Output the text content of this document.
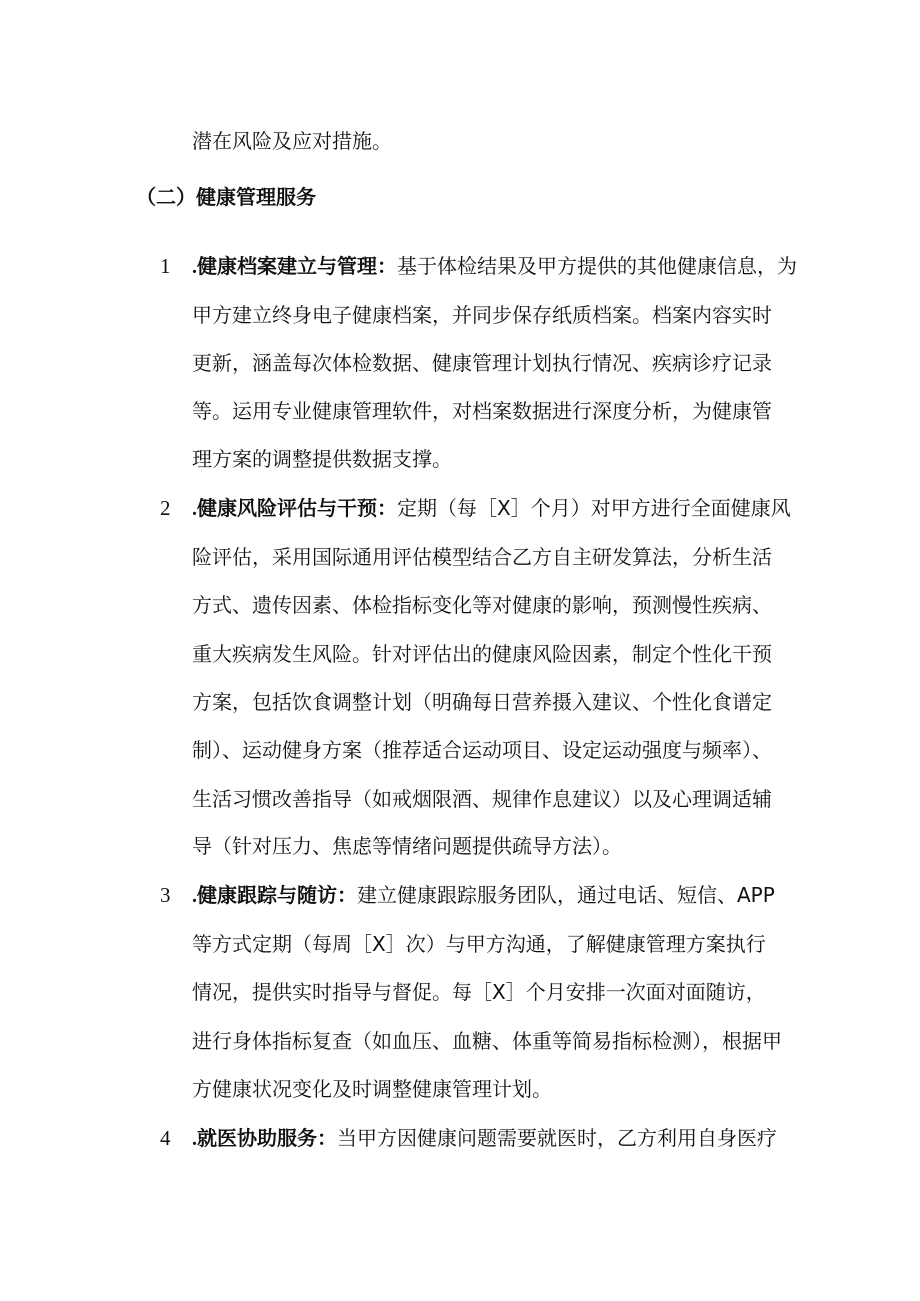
潜在风险及应对措施。
（二）健康管理服务
1	.健康档案建立与管理：基于体检结果及甲方提供的其他健康信息，为
甲方建立终身电子健康档案，并同步保存纸质档案。档案内容实时
更新，涵盖每次体检数据、健康管理计划执行情况、疾病诊疗记录
等。运用专业健康管理软件，对档案数据进行深度分析，为健康管
理方案的调整提供数据支撑。
2	.健康风险评估与干预：定期（每［X］个月）对甲方进行全面健康风
险评估，采用国际通用评估模型结合乙方自主研发算法，分析生活
方式、遗传因素、体检指标变化等对健康的影响，预测慢性疾病、
重大疾病发生风险。针对评估出的健康风险因素，制定个性化干预
方案，包括饮食调整计划（明确每日营养摄入建议、个性化食谱定
制）、运动健身方案（推荐适合运动项目、设定运动强度与频率）、
生活习惯改善指导（如戒烟限酒、规律作息建议）以及心理调适辅
导（针对压力、焦虑等情绪问题提供疏导方法）。
3	.健康跟踪与随访：建立健康跟踪服务团队，通过电话、短信、APP
等方式定期（每周［X］次）与甲方沟通，了解健康管理方案执行
情况，提供实时指导与督促。每［X］个月安排一次面对面随访，
进行身体指标复查（如血压、血糖、体重等简易指标检测），根据甲
方健康状况变化及时调整健康管理计划。
4	.就医协助服务：当甲方因健康问题需要就医时，乙方利用自身医疗
